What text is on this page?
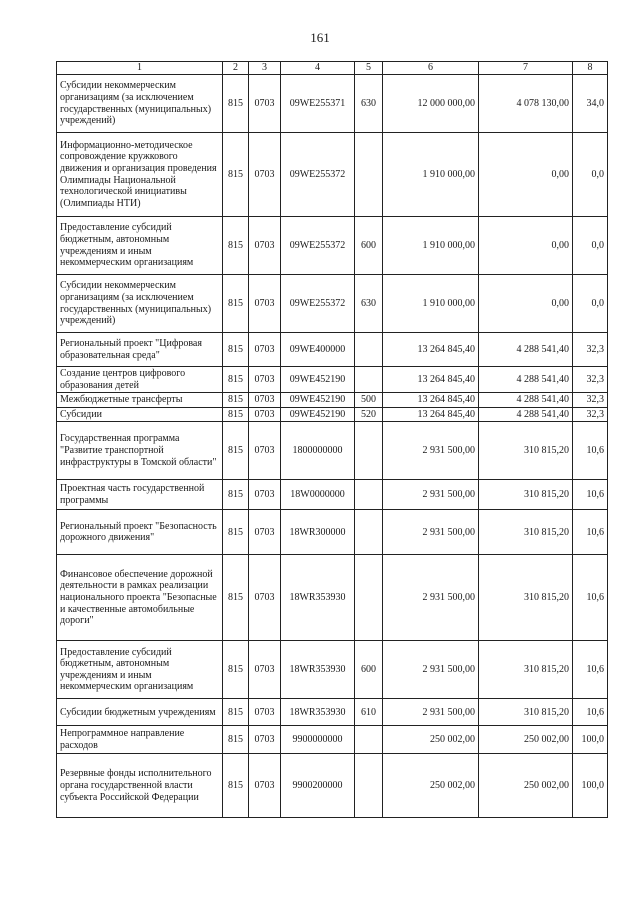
161
1	2	3	4	5	6	7	8
Субсидии некоммерческим организациям (за исключением государственных (муниципальных) учреждений)	815	0703	09WE255371	630	12 000 000,00	4 078 130,00	34,0
Информационно-методическое сопровождение кружкового движения и организация проведения Олимпиады Национальной технологической инициативы (Олимпиады НТИ)	815	0703	09WE255372		1 910 000,00	0,00	0,0
Предоставление субсидий бюджетным, автономным учреждениям и иным некоммерческим организациям	815	0703	09WE255372	600	1 910 000,00	0,00	0,0
Субсидии некоммерческим организациям (за исключением государственных (муниципальных) учреждений)	815	0703	09WE255372	630	1 910 000,00	0,00	0,0
Региональный проект "Цифровая образовательная среда"	815	0703	09WE400000		13 264 845,40	4 288 541,40	32,3
Создание центров цифрового образования детей	815	0703	09WE452190		13 264 845,40	4 288 541,40	32,3
Межбюджетные трансферты	815	0703	09WE452190	500	13 264 845,40	4 288 541,40	32,3
Субсидии	815	0703	09WE452190	520	13 264 845,40	4 288 541,40	32,3
Государственная программа "Развитие транспортной инфраструктуры в Томской области"	815	0703	1800000000		2 931 500,00	310 815,20	10,6
Проектная часть государственной программы	815	0703	18W0000000		2 931 500,00	310 815,20	10,6
Региональный проект "Безопасность дорожного движения"	815	0703	18WR300000		2 931 500,00	310 815,20	10,6
Финансовое обеспечение дорожной деятельности в рамках реализации национального проекта "Безопасные и качественные автомобильные дороги"	815	0703	18WR353930		2 931 500,00	310 815,20	10,6
Предоставление субсидий бюджетным, автономным учреждениям и иным некоммерческим организациям	815	0703	18WR353930	600	2 931 500,00	310 815,20	10,6
Субсидии бюджетным учреждениям	815	0703	18WR353930	610	2 931 500,00	310 815,20	10,6
Непрограммное направление расходов	815	0703	9900000000		250 002,00	250 002,00	100,0
Резервные фонды исполнительного органа государственной власти субъекта Российской Федерации	815	0703	9900200000		250 002,00	250 002,00	100,0
